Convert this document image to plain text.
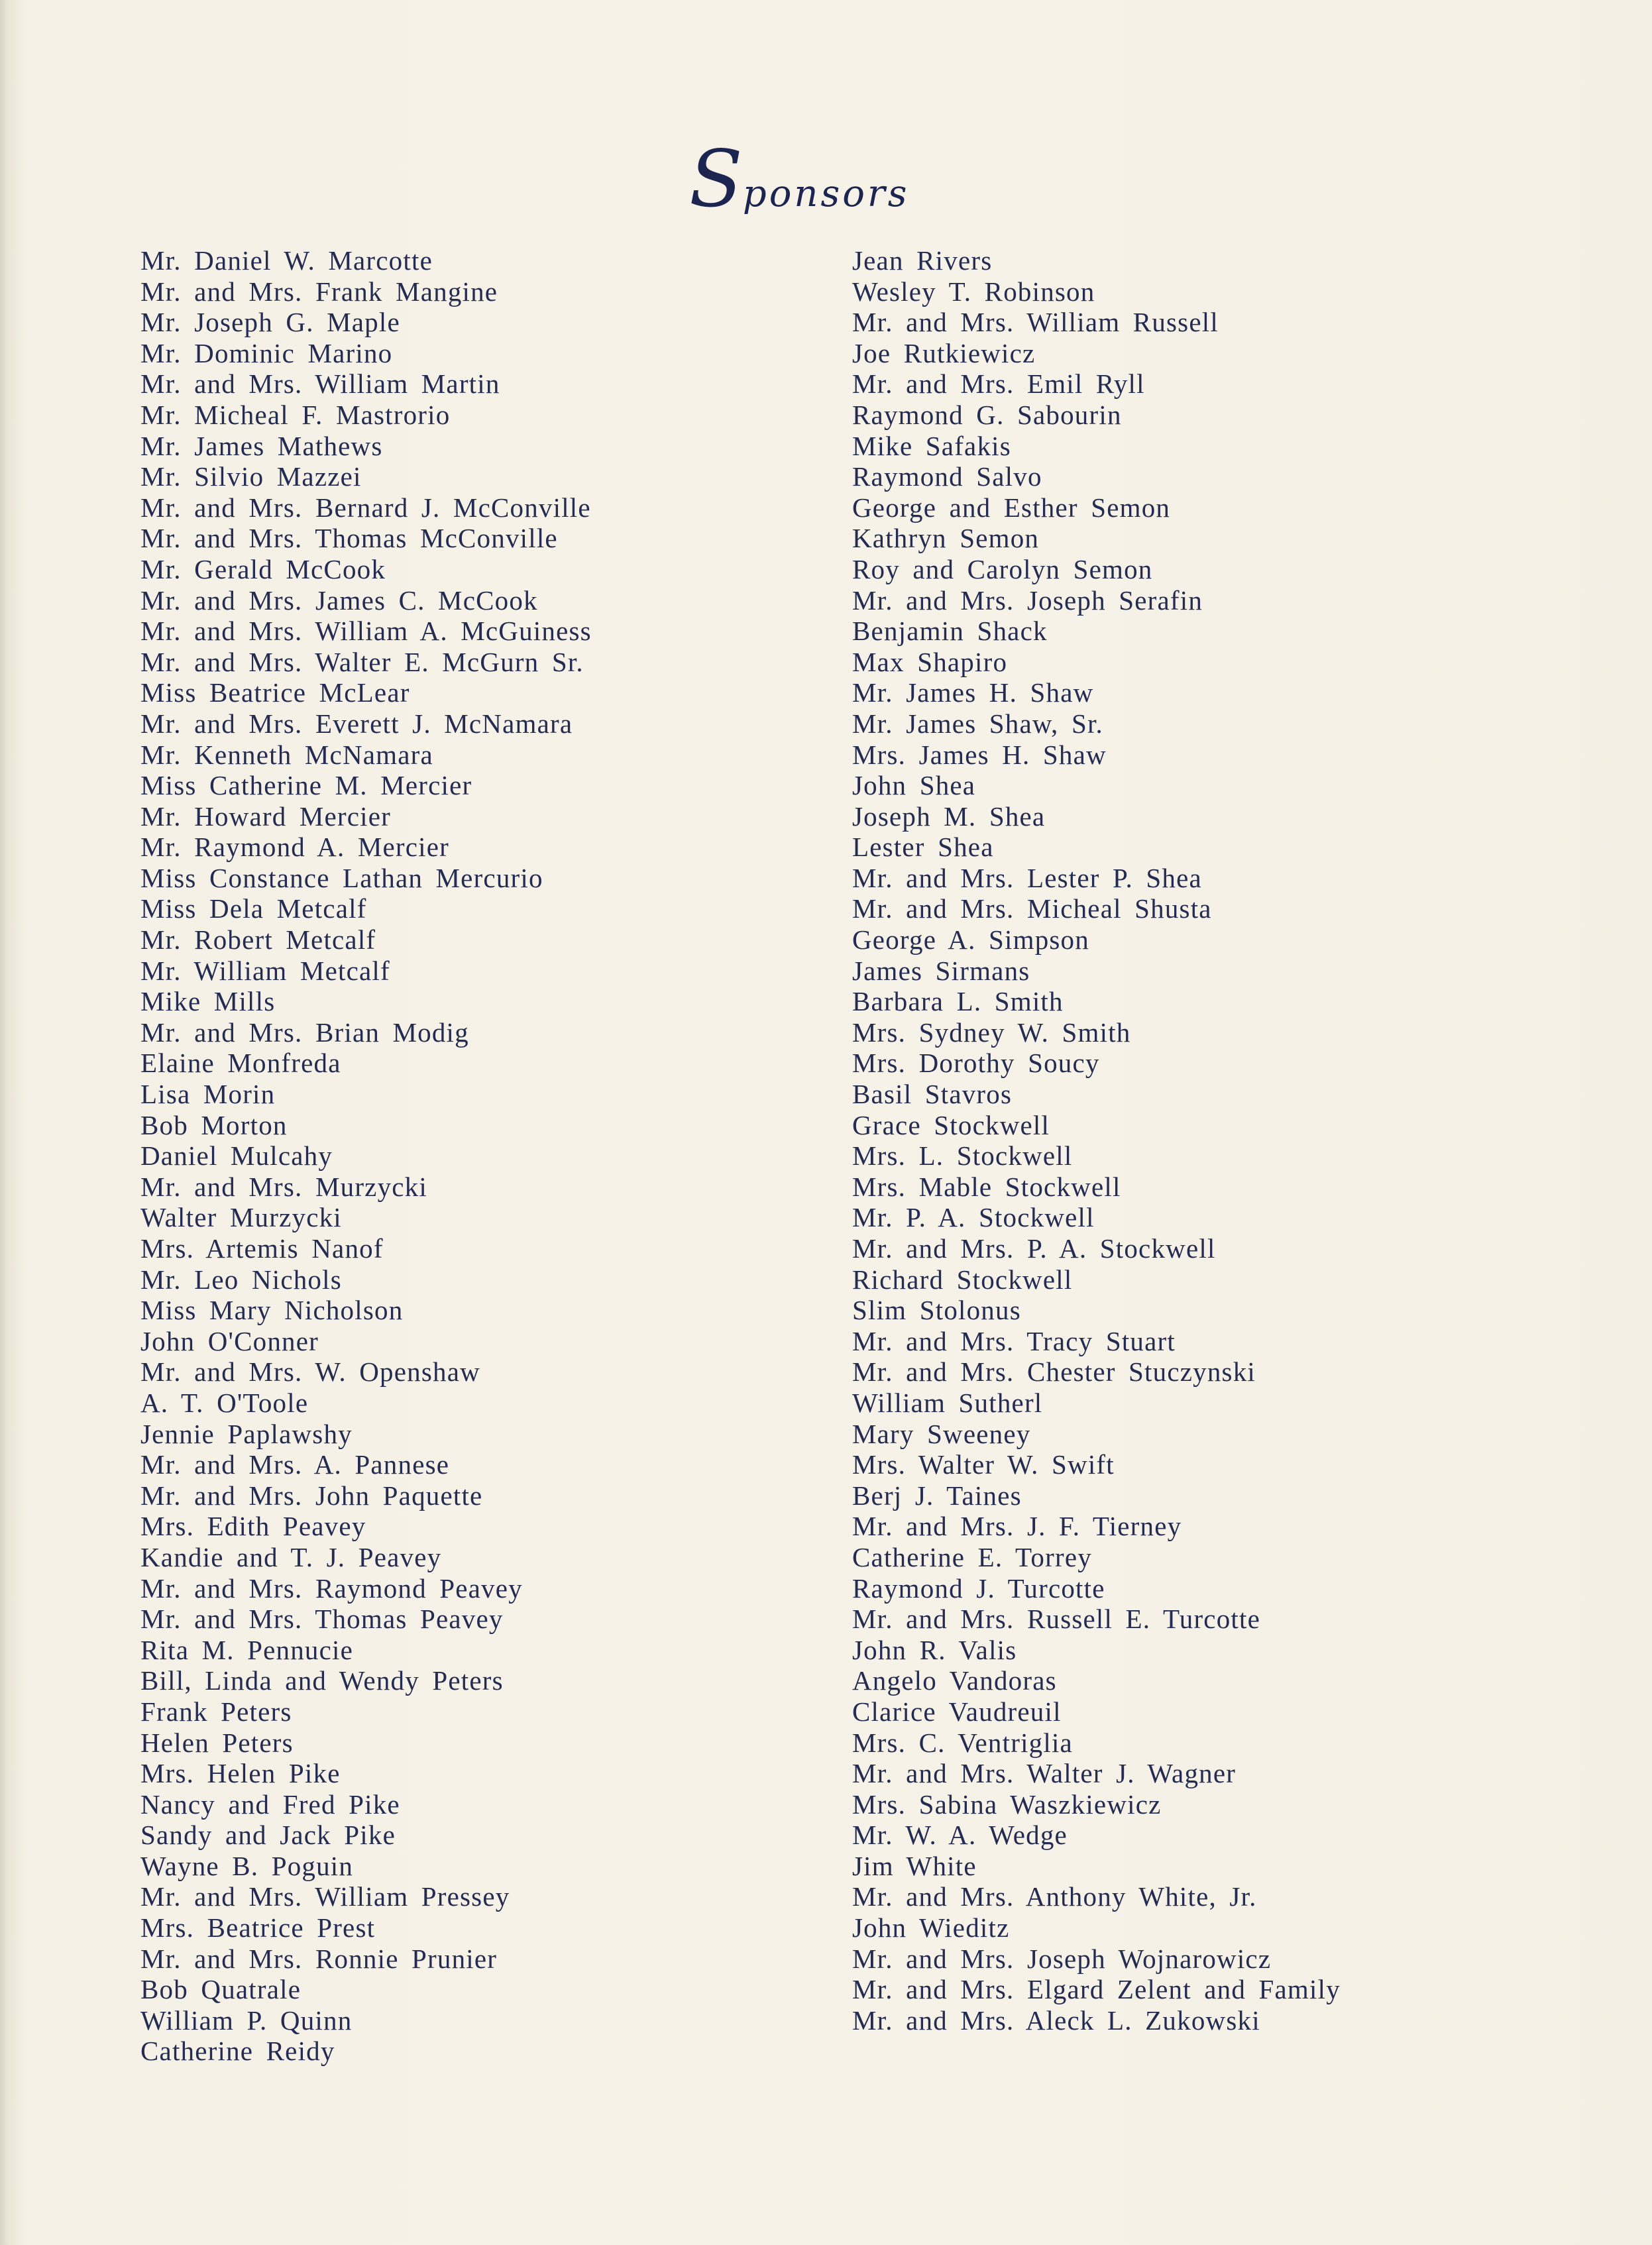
Sponsors
Mr. Daniel W. Marcotte
Mr. and Mrs. Frank Mangine
Mr. Joseph G. Maple
Mr. Dominic Marino
Mr. and Mrs. William Martin
Mr. Micheal F. Mastrorio
Mr. James Mathews
Mr. Silvio Mazzei
Mr. and Mrs. Bernard J. McConville
Mr. and Mrs. Thomas McConville
Mr. Gerald McCook
Mr. and Mrs. James C. McCook
Mr. and Mrs. William A. McGuiness
Mr. and Mrs. Walter E. McGurn Sr.
Miss Beatrice McLear
Mr. and Mrs. Everett J. McNamara
Mr. Kenneth McNamara
Miss Catherine M. Mercier
Mr. Howard Mercier
Mr. Raymond A. Mercier
Miss Constance Lathan Mercurio
Miss Dela Metcalf
Mr. Robert Metcalf
Mr. William Metcalf
Mike Mills
Mr. and Mrs. Brian Modig
Elaine Monfreda
Lisa Morin
Bob Morton
Daniel Mulcahy
Mr. and Mrs. Murzycki
Walter Murzycki
Mrs. Artemis Nanof
Mr. Leo Nichols
Miss Mary Nicholson
John O'Conner
Mr. and Mrs. W. Openshaw
A. T. O'Toole
Jennie Paplawshy
Mr. and Mrs. A. Pannese
Mr. and Mrs. John Paquette
Mrs. Edith Peavey
Kandie and T. J. Peavey
Mr. and Mrs. Raymond Peavey
Mr. and Mrs. Thomas Peavey
Rita M. Pennucie
Bill, Linda and Wendy Peters
Frank Peters
Helen Peters
Mrs. Helen Pike
Nancy and Fred Pike
Sandy and Jack Pike
Wayne B. Poguin
Mr. and Mrs. William Pressey
Mrs. Beatrice Prest
Mr. and Mrs. Ronnie Prunier
Bob Quatrale
William P. Quinn
Catherine Reidy
Jean Rivers
Wesley T. Robinson
Mr. and Mrs. William Russell
Joe Rutkiewicz
Mr. and Mrs. Emil Ryll
Raymond G. Sabourin
Mike Safakis
Raymond Salvo
George and Esther Semon
Kathryn Semon
Roy and Carolyn Semon
Mr. and Mrs. Joseph Serafin
Benjamin Shack
Max Shapiro
Mr. James H. Shaw
Mr. James Shaw, Sr.
Mrs. James H. Shaw
John Shea
Joseph M. Shea
Lester Shea
Mr. and Mrs. Lester P. Shea
Mr. and Mrs. Micheal Shusta
George A. Simpson
James Sirmans
Barbara L. Smith
Mrs. Sydney W. Smith
Mrs. Dorothy Soucy
Basil Stavros
Grace Stockwell
Mrs. L. Stockwell
Mrs. Mable Stockwell
Mr. P. A. Stockwell
Mr. and Mrs. P. A. Stockwell
Richard Stockwell
Slim Stolonus
Mr. and Mrs. Tracy Stuart
Mr. and Mrs. Chester Stuczynski
William Sutherl
Mary Sweeney
Mrs. Walter W. Swift
Berj J. Taines
Mr. and Mrs. J. F. Tierney
Catherine E. Torrey
Raymond J. Turcotte
Mr. and Mrs. Russell E. Turcotte
John R. Valis
Angelo Vandoras
Clarice Vaudreuil
Mrs. C. Ventriglia
Mr. and Mrs. Walter J. Wagner
Mrs. Sabina Waszkiewicz
Mr. W. A. Wedge
Jim White
Mr. and Mrs. Anthony White, Jr.
John Wieditz
Mr. and Mrs. Joseph Wojnarowicz
Mr. and Mrs. Elgard Zelent and Family
Mr. and Mrs. Aleck L. Zukowski
